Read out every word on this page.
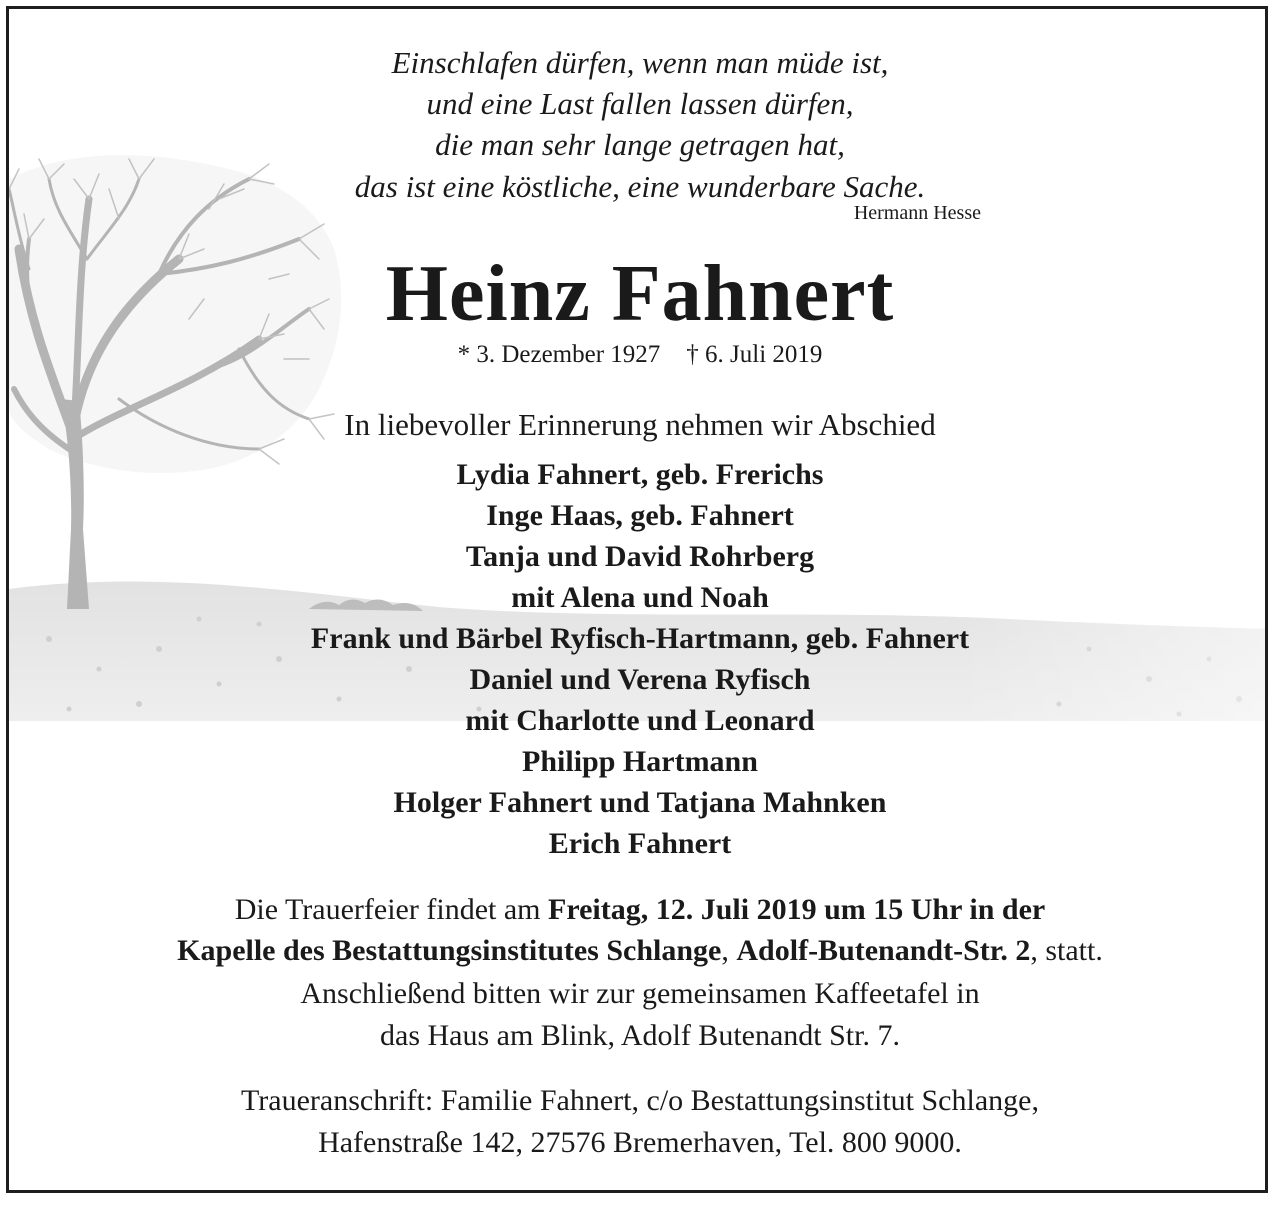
Einschlafen dürfen, wenn man müde ist,
und eine Last fallen lassen dürfen,
die man sehr lange getragen hat,
das ist eine köstliche, eine wunderbare Sache.
Hermann Hesse
Heinz Fahnert
* 3. Dezember 1927 † 6. Juli 2019
In liebevoller Erinnerung nehmen wir Abschied
Lydia Fahnert, geb. Frerichs
Inge Haas, geb. Fahnert
Tanja und David Rohrberg
mit Alena und Noah
Frank und Bärbel Ryfisch-Hartmann, geb. Fahnert
Daniel und Verena Ryfisch
mit Charlotte und Leonard
Philipp Hartmann
Holger Fahnert und Tatjana Mahnken
Erich Fahnert
Die Trauerfeier findet am Freitag, 12. Juli 2019 um 15 Uhr in der
Kapelle des Bestattungsinstitutes Schlange, Adolf-Butenandt-Str. 2, statt.
Anschließend bitten wir zur gemeinsamen Kaffeetafel in
das Haus am Blink, Adolf Butenandt Str. 7.
Traueranschrift: Familie Fahnert, c/o Bestattungsinstitut Schlange,
Hafenstraße 142, 27576 Bremerhaven, Tel. 800 9000.
